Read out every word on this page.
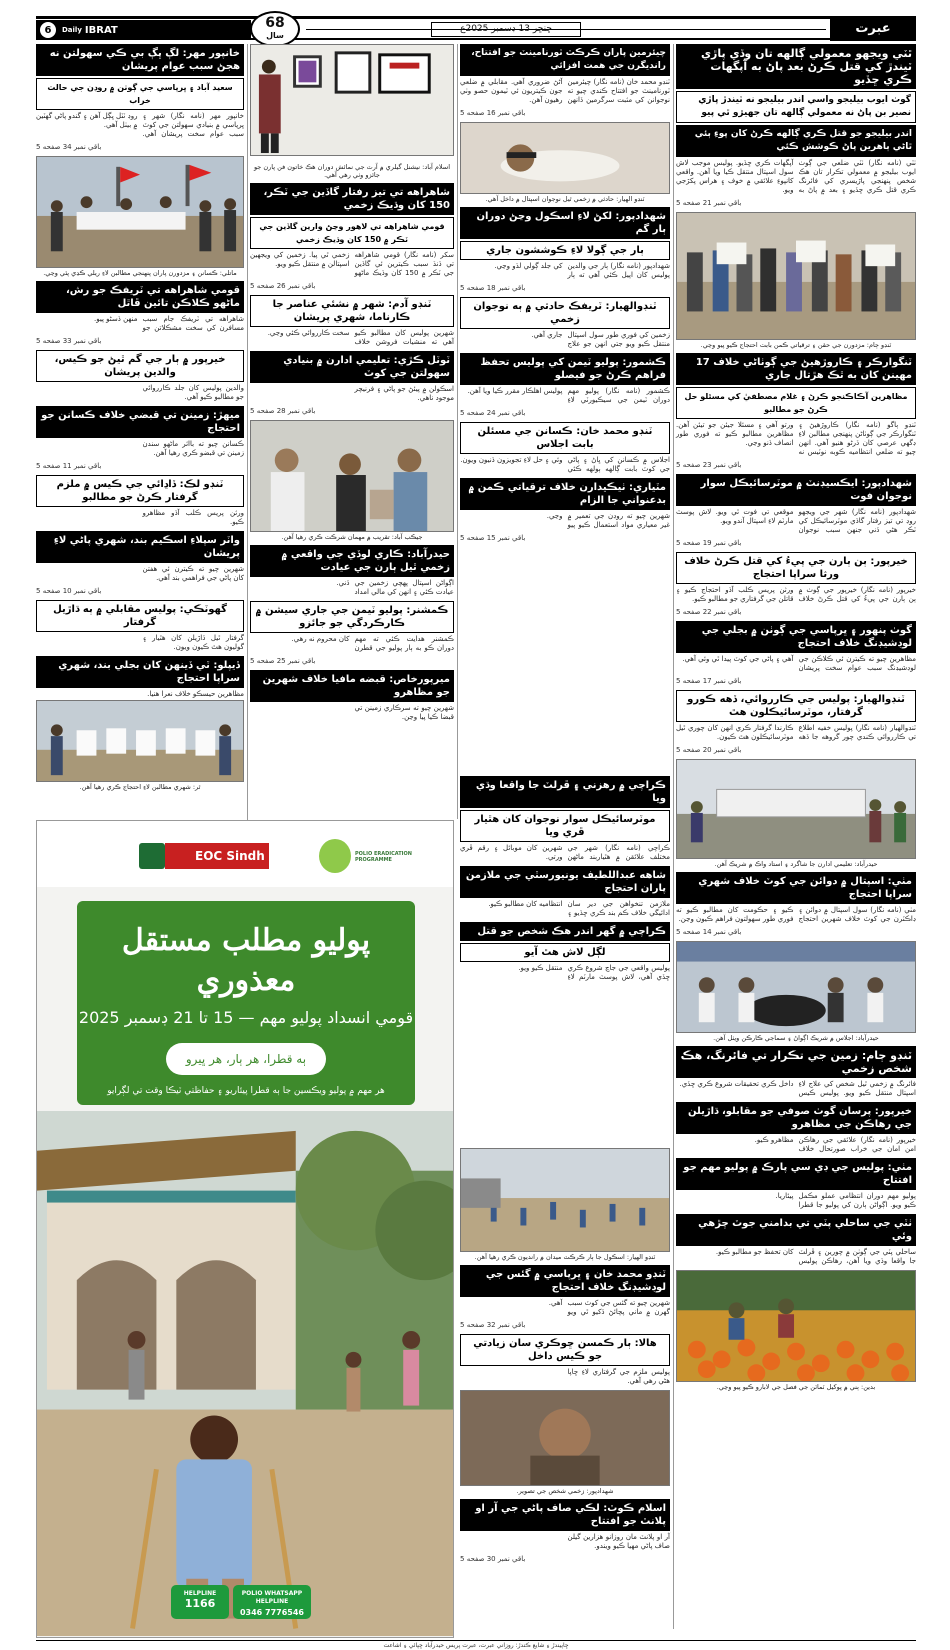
6	Daily IBRAT	68
سال
ڇنڇر 13 ڊسمبر 2025ع	عبرت
ٿٽي ويجهو معمولي ڳالهه تان وڏي پاڙي ٽيندڙ کي قتل ڪرڻ بعد پاڻ به آپگهات ڪري ڇڏيو
گوٺ ايوب بيليجو واسي اندر بيليجو نه ٽيندڙ پاڙي نصير بن پاڻ نه معمولي ڳالهه تان جهيڙو ٿي پيو
اندر بيليجو جو قتل ڪري ڳالهه ڪرڻ کان پوءِ ٻئي ٿاڻي ٻاهرين پاڻ ڪوشش ڪئي
ٺٽي (نامه نگار) ٺٽي ضلعي جي ڳوٺ ايوب بيليجو ۾ معمولي تڪرار تان هڪ شخص پنهنجي پاڙيسري کي فائرنگ ڪري قتل ڪري ڇڏيو ۽ بعد ۾ پاڻ به آپگهات ڪري ڇڏيو. پوليس موجب لاش سول اسپتال منتقل ڪيا ويا آهن. واقعي کانپوءِ علائقي ۾ خوف ۽ هراس پکڙجي ويو.
باقي نمبر 21 صفحه 5
ٽنڊو ڄام: مزدورن جي حقن ۽ ترقياتي ڪمن بابت احتجاج ڪيو پيو وڃي.
ٽنگوارڪر ۽ ڪاروڙهيڻ جي ڳوٺاڻي خلاف 17 مهينن کان به ٿڪ هڙتال جاري
مظاهرين آڪاڪنجو ڪرڻ ۽ غلام مصطفيٰ کي مسئلو حل ڪرڻ جو مطالبو
ٽنڊو ٻاگو (نامه نگار) ڪاروڙهيڻ ۽ ٽنگوارڪر جي ڳوٺاڻن پنهنجي مطالبن لاءِ ڊگهي عرصي کان ڌرڻو هنيو آهي. انهن چيو ته ضلعي انتظاميه ڪوبه نوٽيس نه ورتو آهي ۽ مسئلا جيئن جو تيئن آهن. مظاهرين مطالبو ڪيو ته فوري طور انصاف ڏنو وڃي.
باقي نمبر 23 صفحه 5
شهدادپور: ايڪسيڊنٽ ۾ موٽرسائيڪل سوار نوجوان فوت
شهدادپور (نامه نگار) شهر جي ويجهو روڊ تي تيز رفتار گاڏي موٽرسائيڪل کي ٽڪر هڻي ڏني جنهن سبب نوجوان موقعي تي فوت ٿي ويو. لاش پوسٽ مارٽم لاءِ اسپتال آندو ويو.
باقي نمبر 19 صفحه 5
خيرپور: ٻن ٻارن جي پيءُ کي قتل ڪرڻ خلاف ورثا سراپا احتجاج
خيرپور (نامه نگار) خيرپور جي ڳوٺ ۾ ٻن ٻارن جي پيءُ کي قتل ڪرڻ خلاف ورثن پريس ڪلب آڏو احتجاج ڪيو ۽ قاتلن جي گرفتاري جو مطالبو ڪيو.
باقي نمبر 22 صفحه 5
گوٺ پنهور ۽ ڀرپاسي جي ڳوٺن ۾ بجلي جي لوڊشيڊنگ خلاف احتجاج
مظاهرين چيو ته ڪيترن ئي ڪلاڪن جي لوڊشيڊنگ سبب عوام سخت پريشان آهي ۽ پاڻي جي کوٽ پيدا ٿي وئي آهي.
باقي نمبر 17 صفحه 5
ٽنڊوالهيار: پوليس جي ڪارروائي، ڏهه ڪورو گرفتار، موٽرسائيڪلون هٿ
ٽنڊوالهيار (نامه نگار) پوليس خفيه اطلاع تي ڪارروائي ڪندي چور گروهه جا ڏهه ڪارندا گرفتار ڪري انهن کان چوري ٿيل موٽرسائيڪلون هٿ ڪيون.
باقي نمبر 20 صفحه 5
حيدرآباد: تعليمي ادارن جا شاگرد ۽ استاد واڪ ۾ شريڪ آهن.
مٺي: اسپتال ۾ دوائن جي کوٽ خلاف شهري سراپا احتجاج
مٺي (نامه نگار) سول اسپتال ۾ دوائن ۽ ڊاڪٽرن جي کوٽ خلاف شهرين احتجاج ڪيو ۽ حڪومت کان مطالبو ڪيو ته فوري طور سهولتون فراهم ڪيون وڃن.
باقي نمبر 14 صفحه 5
حيدرآباد: اجلاس ۾ شريڪ اڳواڻ ۽ سماجي ڪارڪن ويٺل آهن.
ٽنڊو ڄام: زمين جي تڪرار تي فائرنگ، هڪ شخص زخمي
فائرنگ ۾ زخمي ٿيل شخص کي علاج لاءِ اسپتال منتقل ڪيو ويو. پوليس ڪيس داخل ڪري تحقيقات شروع ڪري ڇڏي.
خيرپور: پرسان گوٺ صوفي جو مقابلو، ڌاڙيلن جي رهاڪن جي مظاهرو
خيرپور (نامه نگار) علائقي جي رهاڪن امن امان جي خراب صورتحال خلاف مظاهرو ڪيو.
مٺي: پوليس جي ڊي سي پارڪ ۾ پوليو مهم جو افتتاح
پوليو مهم دوران انتظامي عملو مڪمل ڪيو ويو. اڳواڻن ٻارن کي پوليو جا قطرا پيئاريا.
ٺٽي جي ساحلي پٽي تي بدامني جوٽ چڙهي وئي
ساحلي پٽي جي ڳوٺن ۾ چورين ۽ ڦرلٽ جا واقعا وڌي ويا آهن، رهاڪن پوليس کان تحفظ جو مطالبو ڪيو.
بدين: ٻني ۾ پوکيل ٽماٽن جي فصل جي لابارو ڪيو پيو وڃي.
چيئرمين پاران ڪرڪٽ ٽورنامينٽ جو افتتاح، رانديگرن جي همت افزائي
ٽنڊو محمد خان (نامه نگار) چيئرمين ٽورنامينٽ جو افتتاح ڪندي چيو ته نوجوانن کي مثبت سرگرمين ڏانهن آڻڻ ضروري آهي. مقابلي ۾ ضلعي جون ڪيتريون ئي ٽيمون حصو وٺي رهيون آهن.
باقي نمبر 16 صفحه 5
ٽنڊو الهيار: حادثي ۾ زخمي ٿيل نوجوان اسپتال ۾ داخل آهي.
شهدادپور: لکڻ لاءِ اسڪول وڃڻ دوران ٻار گم
ٻار جي ڳولا لاءِ ڪوششون جاري
شهدادپور (نامه نگار) ٻار جي والدين پوليس کان اپيل ڪئي آهي ته ٻار کي جلد ڳولي لڌو وڃي.
باقي نمبر 18 صفحه 5
ٽنڊوالهيار: ٽريفڪ حادثي ۾ ٻه نوجوان زخمي
زخمين کي فوري طور سول اسپتال منتقل ڪيو ويو جتي انهن جو علاج جاري آهي.
ڪشمور: پوليو ٽيمن کي پوليس تحفظ فراهم ڪرڻ جو فيصلو
ڪشمور (نامه نگار) پوليو مهم دوران ٽيمن جي سيڪيورٽي لاءِ پوليس اهلڪار مقرر ڪيا ويا آهن.
باقي نمبر 24 صفحه 5
ٽنڊو محمد خان: ڪسانن جي مسئلن بابت اجلاس
اجلاس ۾ ڪسانن کي ڀاڻ ۽ پاڻي جي کوٽ بابت ڳالهه ٻولهه ڪئي وئي ۽ حل لاءِ تجويزون ڏنيون ويون.
مٽياري: ٺيڪيدارن خلاف ترقياتي ڪمن ۾ بدعنواني جا الزام
شهرين چيو ته روڊن جي تعمير ۾ غير معياري مواد استعمال ڪيو پيو وڃي.
باقي نمبر 15 صفحه 5
ڪراچي ۾ رهزني ۽ ڦرلٽ جا واقعا وڌي ويا
موٽرسائيڪل سوار نوجوان کان هٿيار ڦري ويا
ڪراچي (نامه نگار) شهر جي مختلف علائقن ۾ هٿياربند ماڻهن شهرين کان موبائل ۽ رقم ڦري ورتي.
شاهه عبداللطيف يونيورسٽي جي ملازمن پاران احتجاج
ملازمن تنخواهن جي دير سان ادائيگي خلاف ڪم بند ڪري ڇڏيو ۽ انتظاميه کان مطالبو ڪيو.
ڪراچي ۾ گهر اندر هڪ شخص جو قتل
لڳل لاش هٿ آيو
پوليس واقعي جي جاچ شروع ڪري ڇڏي آهي، لاش پوسٽ مارٽم لاءِ منتقل ڪيو ويو.
اسلام آباد: نيشنل گيلري ۾ آرٽ جي نمائش دوران هڪ خاتون فن پارن جو جائزو وٺي رهي آهي.
شاهراهه تي تيز رفتار گاڏين جي ٽڪر، 150 کان وڌيڪ زخمي
قومي شاهراهه تي لاهور وڃڻ وارين گاڏين جي ٽڪر ۾ 150 کان وڌيڪ زخمي
سکر (نامه نگار) قومي شاهراهه تي ڌنڌ سبب ڪيترين ئي گاڏين جي ٽڪر ۾ 150 کان وڌيڪ ماڻهو زخمي ٿي پيا. زخمين کي ويجهين اسپتالن ۾ منتقل ڪيو ويو.
باقي نمبر 26 صفحه 5
ٽنڊو آدم: شهر ۾ نشئي عناصر جا ڪارناما، شهري پريشان
شهرين پوليس کان مطالبو ڪيو آهي ته منشيات فروشن خلاف سخت ڪارروائي ڪئي وڃي.
ٽوٽل ڪڙي: تعليمي ادارن ۾ بنيادي سهولتن جي کوٽ
اسڪولن ۾ پيئڻ جو پاڻي ۽ فرنيچر موجود ناهي.
باقي نمبر 28 صفحه 5
جيڪب آباد: تقريب ۾ مهمان شرڪت ڪري رهيا آهن.
حيدرآباد: ڪاري لوڏي جي واقعي ۾ زخمي ٿيل ٻارن جي عيادت
اڳواڻن اسپتال پهچي زخمين جي عيادت ڪئي ۽ انهن کي مالي امداد ڏني.
ڪمشنر: پوليو ٽيمن جي جاري سيشن ۾ ڪارڪردگي جو جائزو
ڪمشنر هدايت ڪئي ته مهم دوران ڪو به ٻار پوليو جي قطرن کان محروم نه رهي.
باقي نمبر 25 صفحه 5
ميرپورخاص: قبضه مافيا خلاف شهرين جو مظاهرو
شهرين چيو ته سرڪاري زمينن تي قبضا ڪيا پيا وڃن.
خانپور مهر: لڳ ڀڳ بي ڪي سهولتن نه هجڻ سبب عوام پريشان
سعيد آباد ۽ ڀرپاسي جي ڳوٺن ۾ روڊن جي حالت خراب
خانپور مهر (نامه نگار) شهر ۽ ڀرپاسي ۾ بنيادي سهولتن جي کوٽ سبب عوام سخت پريشان آهي. روڊ ٽٽل ڀڳل آهن ۽ گندو پاڻي گهٽين ۾ بيٺل آهي.
باقي نمبر 34 صفحه 5
ماتلي: ڪسانن ۽ مزدورن پاران پنهنجي مطالبن لاءِ ريلي ڪڍي پئي وڃي.
قومي شاهراهه تي ٽريفڪ جو رش، ماڻهو ڪلاڪن تائين ڦاٿل
شاهراهه تي ٽريفڪ جام سبب مسافرن کي سخت مشڪلاتن جو منهن ڏسڻو پيو.
باقي نمبر 33 صفحه 5
خيرپور ۾ ٻار جي گم ٿيڻ جو ڪيس، والدين پريشان
والدين پوليس کان جلد ڪارروائي جو مطالبو ڪيو آهي.
ميهڙ: زمينن تي قبضي خلاف ڪسانن جو احتجاج
ڪسانن چيو ته بااثر ماڻهو سندن زمينن تي قبضو ڪري رهيا آهن.
باقي نمبر 11 صفحه 5
ٽنڊو لڪ: ڏاڍائي جي ڪيس ۾ ملزم گرفتار ڪرڻ جو مطالبو
ورثن پريس ڪلب آڏو مظاهرو ڪيو.
واٽر سپلاءِ اسڪيم بند، شهري پاڻي لاءِ پريشان
شهرين چيو ته ڪيترن ئي هفتن کان پاڻي جي فراهمي بند آهي.
باقي نمبر 10 صفحه 5
گهوٽڪي: پوليس مقابلي ۾ ٻه ڌاڙيل گرفتار
گرفتار ٿيل ڌاڙيلن کان هٿيار ۽ گوليون هٿ ڪيون ويون.
ڏيپلو: ٽي ڏينهن کان بجلي بند، شهري سراپا احتجاج
مظاهرين حيسڪو خلاف نعرا هنيا.
ٿر: شهري مطالبن لاءِ احتجاج ڪري رهيا آهن.
EOC Sindh	POLIO ERADICATION PROGRAMME
پوليو مطلب مستقل معذوري
قومي انسداد پوليو مهم — 15 تا 21 ڊسمبر 2025
ٻه قطرا، هر ٻار، هر ڀيرو
هر مهم ۾ پوليو ويڪسين جا ٻه قطرا پيئاريو ۽ حفاظتي ٽيڪا وقت تي لڳرايو
HELPLINE
1166
POLIO WHATSAPP HELPLINE
0346 7776546
ٽنڊو الهيار: اسڪول جا ٻار ڪرڪٽ ميدان ۾ رانديون ڪري رهيا آهن.
ٽنڊو محمد خان ۽ ڀرپاسي ۾ گئس جي لوڊشيڊنگ خلاف احتجاج
شهرين چيو ته گئس جي کوٽ سبب گهرن ۾ ماني پچائڻ ڏکيو ٿي ويو آهي.
باقي نمبر 32 صفحه 5
هالا: ٻار ڪمسن ڇوڪري سان زيادتي جو ڪيس داخل
پوليس ملزم جي گرفتاري لاءِ ڇاپا هڻي رهي آهي.
شهدادپور: زخمي شخص جي تصوير.
اسلام ڪوٽ: لڪي صاف پاڻي جي آر او پلانٽ جو افتتاح
آر او پلانٽ مان روزانو هزارين گيلن صاف پاڻي مهيا ڪيو ويندو.
باقي نمبر 30 صفحه 5
ڇاپيندڙ ۽ شايع ڪندڙ: روزاني عبرت، عبرت پريس حيدرآباد ڇپائي ۽ اشاعت
